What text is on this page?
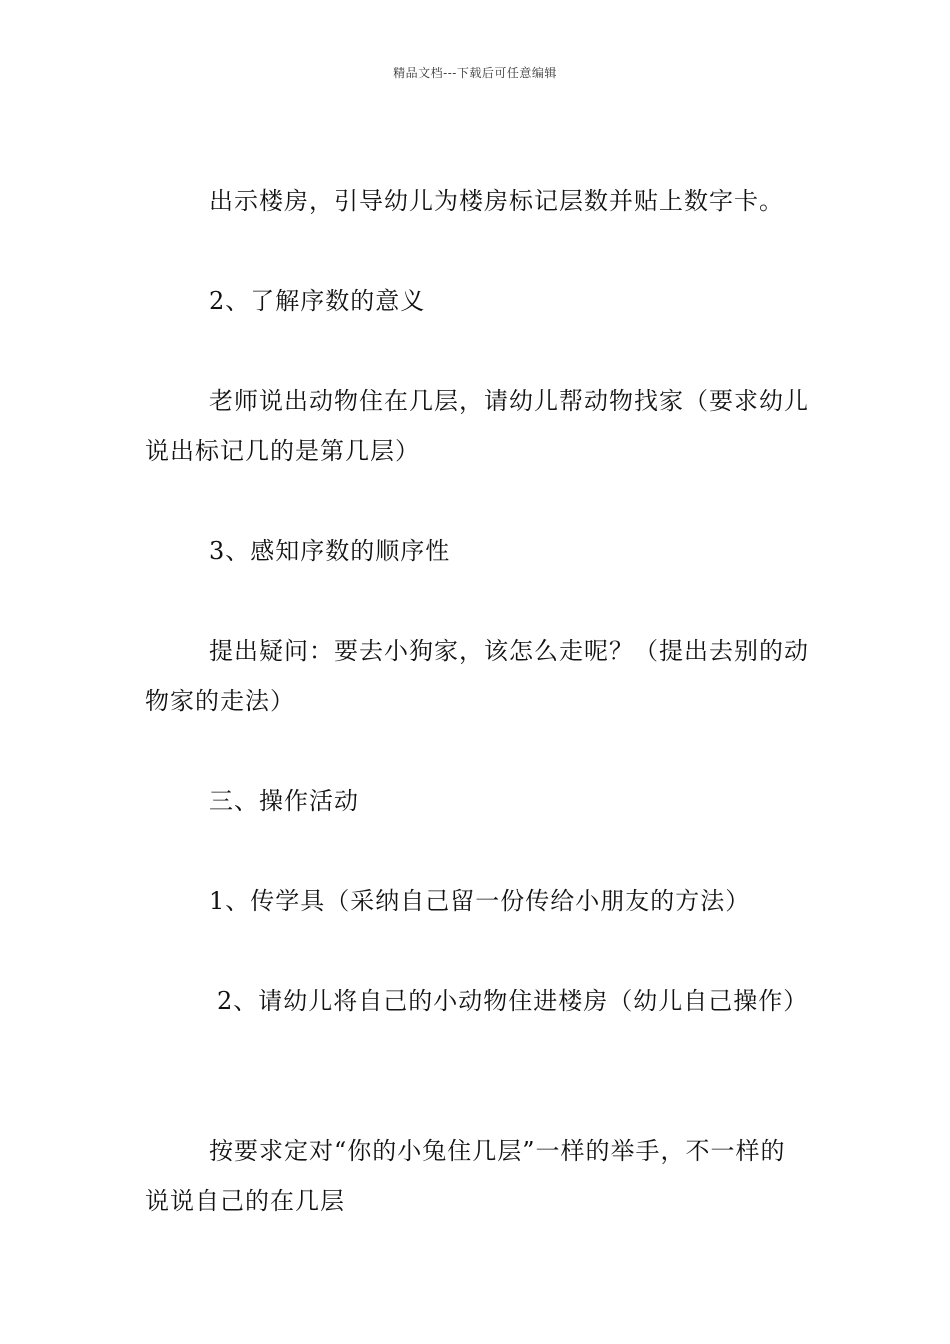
精品文档---下载后可任意编辑

出示楼房，引导幼儿为楼房标记层数并贴上数字卡。

2、了解序数的意义

老师说出动物住在几层，请幼儿帮动物找家（要求幼儿说出标记几的是第几层）

3、感知序数的顺序性

提出疑问：要去小狗家，该怎么走呢？（提出去别的动物家的走法）

三、操作活动

1、传学具（采纳自己留一份传给小朋友的方法）

2、请幼儿将自己的小动物住进楼房（幼儿自己操作）

按要求定对“你的小兔住几层”一样的举手，不一样的说说自己的在几层
